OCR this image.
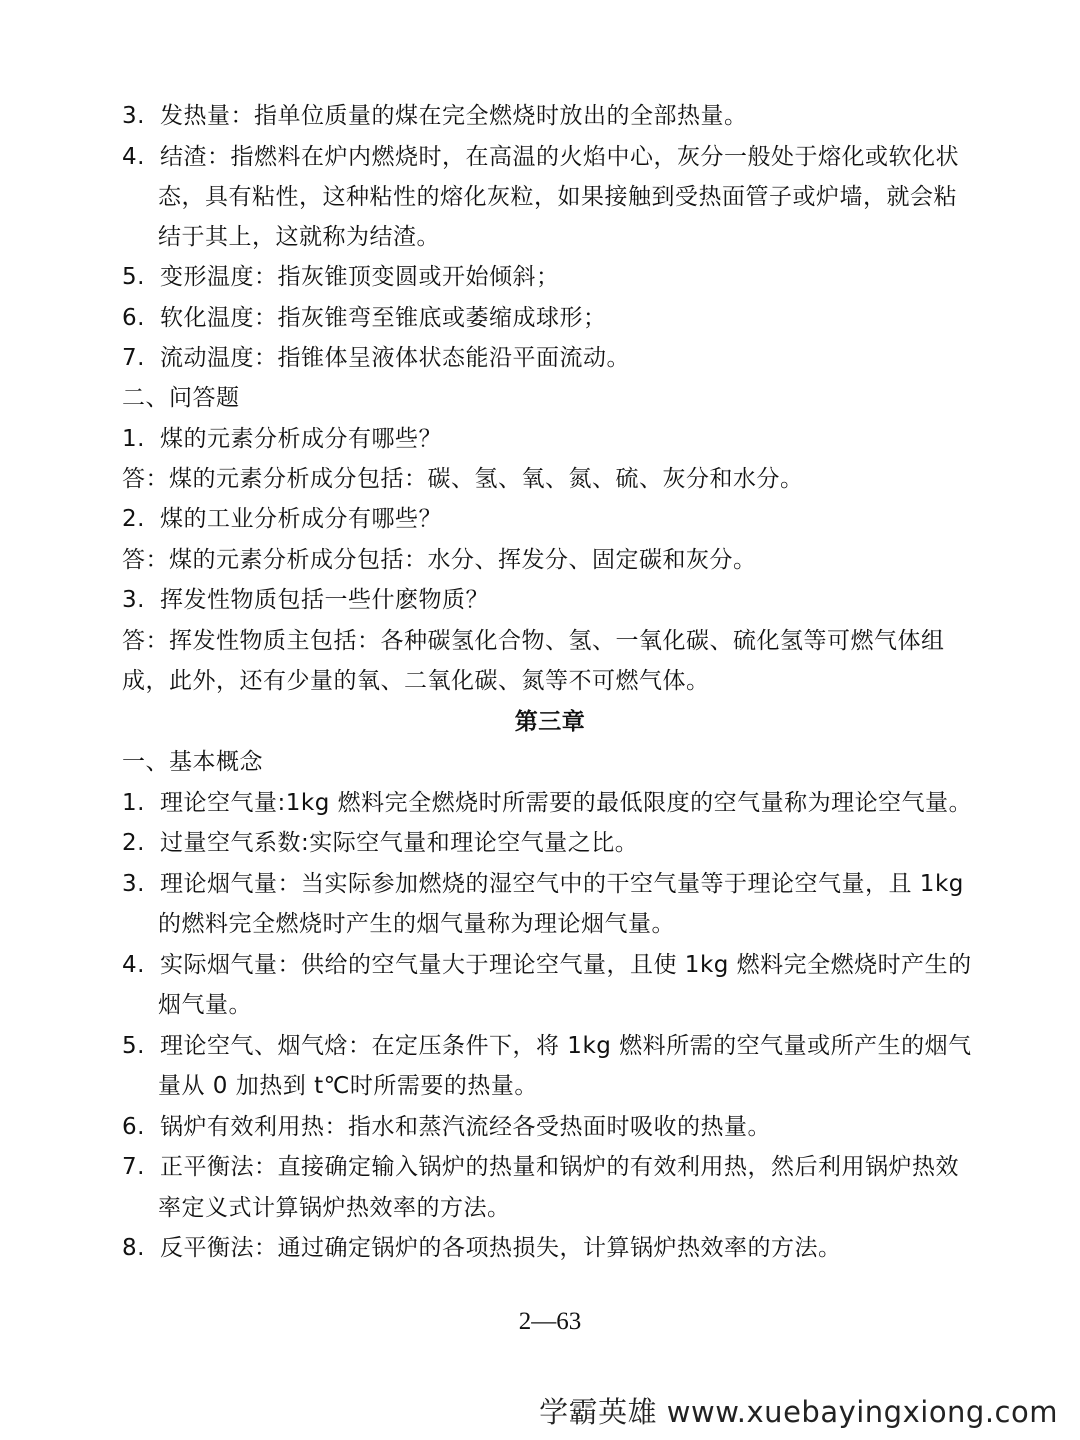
3. 发热量：指单位质量的煤在完全燃烧时放出的全部热量。
4. 结渣：指燃料在炉内燃烧时，在高温的火焰中心，灰分一般处于熔化或软化状
态，具有粘性，这种粘性的熔化灰粒，如果接触到受热面管子或炉墙，就会粘
结于其上，这就称为结渣。
5. 变形温度：指灰锥顶变圆或开始倾斜；
6. 软化温度：指灰锥弯至锥底或萎缩成球形；
7. 流动温度：指锥体呈液体状态能沿平面流动。
二、问答题
1. 煤的元素分析成分有哪些？
答：煤的元素分析成分包括：碳、氢、氧、氮、硫、灰分和水分。
2. 煤的工业分析成分有哪些？
答：煤的元素分析成分包括：水分、挥发分、固定碳和灰分。
3. 挥发性物质包括一些什麽物质？
答：挥发性物质主包括：各种碳氢化合物、氢、一氧化碳、硫化氢等可燃气体组
成，此外，还有少量的氧、二氧化碳、氮等不可燃气体。
第三章
一、基本概念
1. 理论空气量:1kg 燃料完全燃烧时所需要的最低限度的空气量称为理论空气量。
2. 过量空气系数:实际空气量和理论空气量之比。
3. 理论烟气量：当实际参加燃烧的湿空气中的干空气量等于理论空气量，且 1kg
的燃料完全燃烧时产生的烟气量称为理论烟气量。
4. 实际烟气量：供给的空气量大于理论空气量，且使 1kg 燃料完全燃烧时产生的
烟气量。
5. 理论空气、烟气焓：在定压条件下，将 1kg 燃料所需的空气量或所产生的烟气
量从 0 加热到 t℃时所需要的热量。
6. 锅炉有效利用热：指水和蒸汽流经各受热面时吸收的热量。
7. 正平衡法：直接确定输入锅炉的热量和锅炉的有效利用热，然后利用锅炉热效
率定义式计算锅炉热效率的方法。
8. 反平衡法：通过确定锅炉的各项热损失，计算锅炉热效率的方法。
2—63
学霸英雄 www.xuebayingxiong.com
